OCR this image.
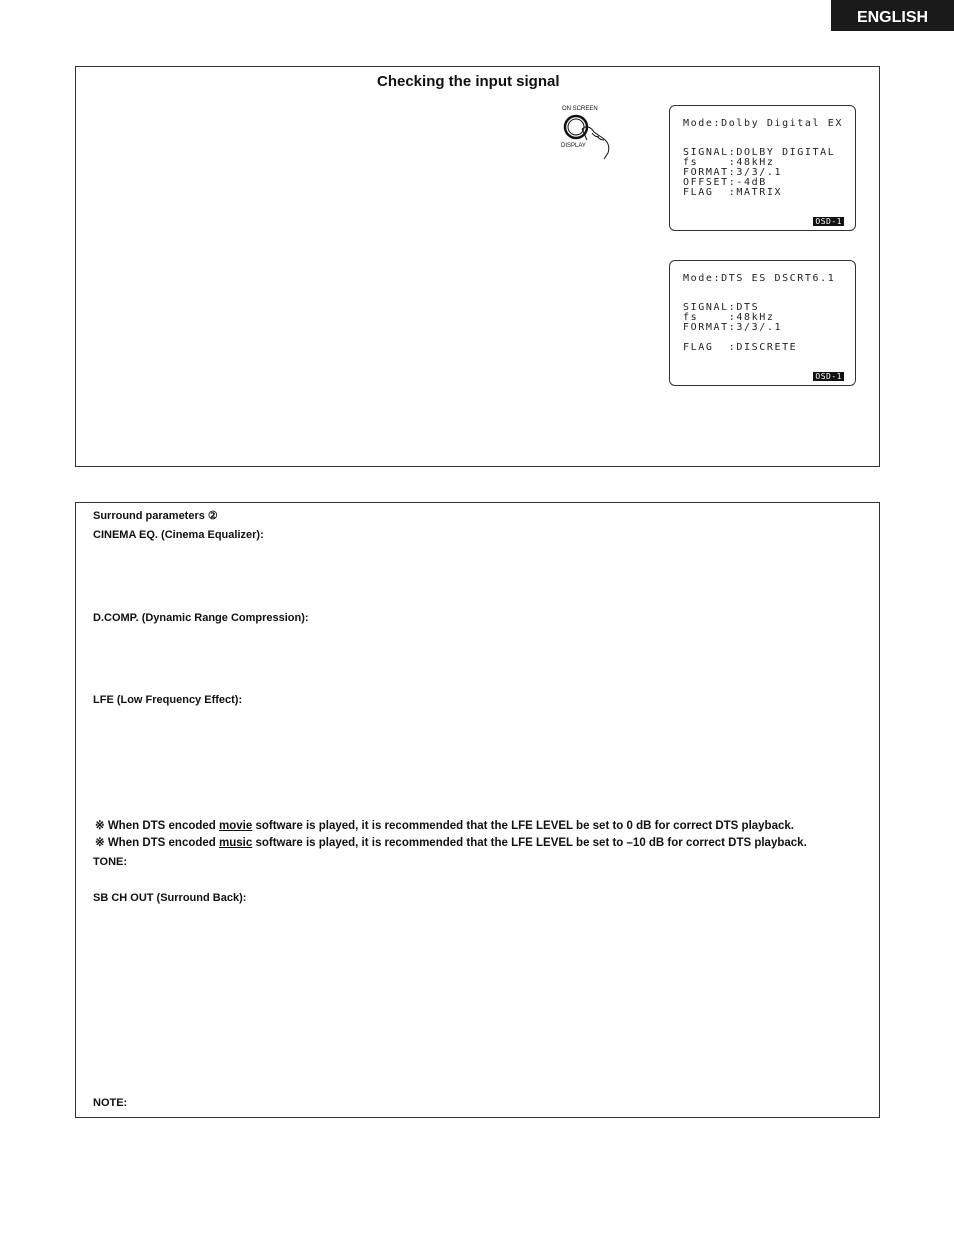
ENGLISH
Checking the input signal
ON SCREEN
DISPLAY
Mode:Dolby Digital EX
SIGNAL:DOLBY DIGITAL
fs    :48kHz
FORMAT:3/3/.1
OFFSET:-4dB
FLAG  :MATRIX
OSD-1
Mode:DTS ES DSCRT6.1
SIGNAL:DTS
fs    :48kHz
FORMAT:3/3/.1
FLAG  :DISCRETE
OSD-1
Surround parameters ②
CINEMA EQ. (Cinema Equalizer):
D.COMP. (Dynamic Range Compression):
LFE (Low Frequency Effect):
※ When DTS encoded movie software is played, it is recommended that the LFE LEVEL be set to 0 dB for correct DTS playback.
※ When DTS encoded music software is played, it is recommended that the LFE LEVEL be set to –10 dB for correct DTS playback.
TONE:
SB CH OUT (Surround Back):
NOTE:
